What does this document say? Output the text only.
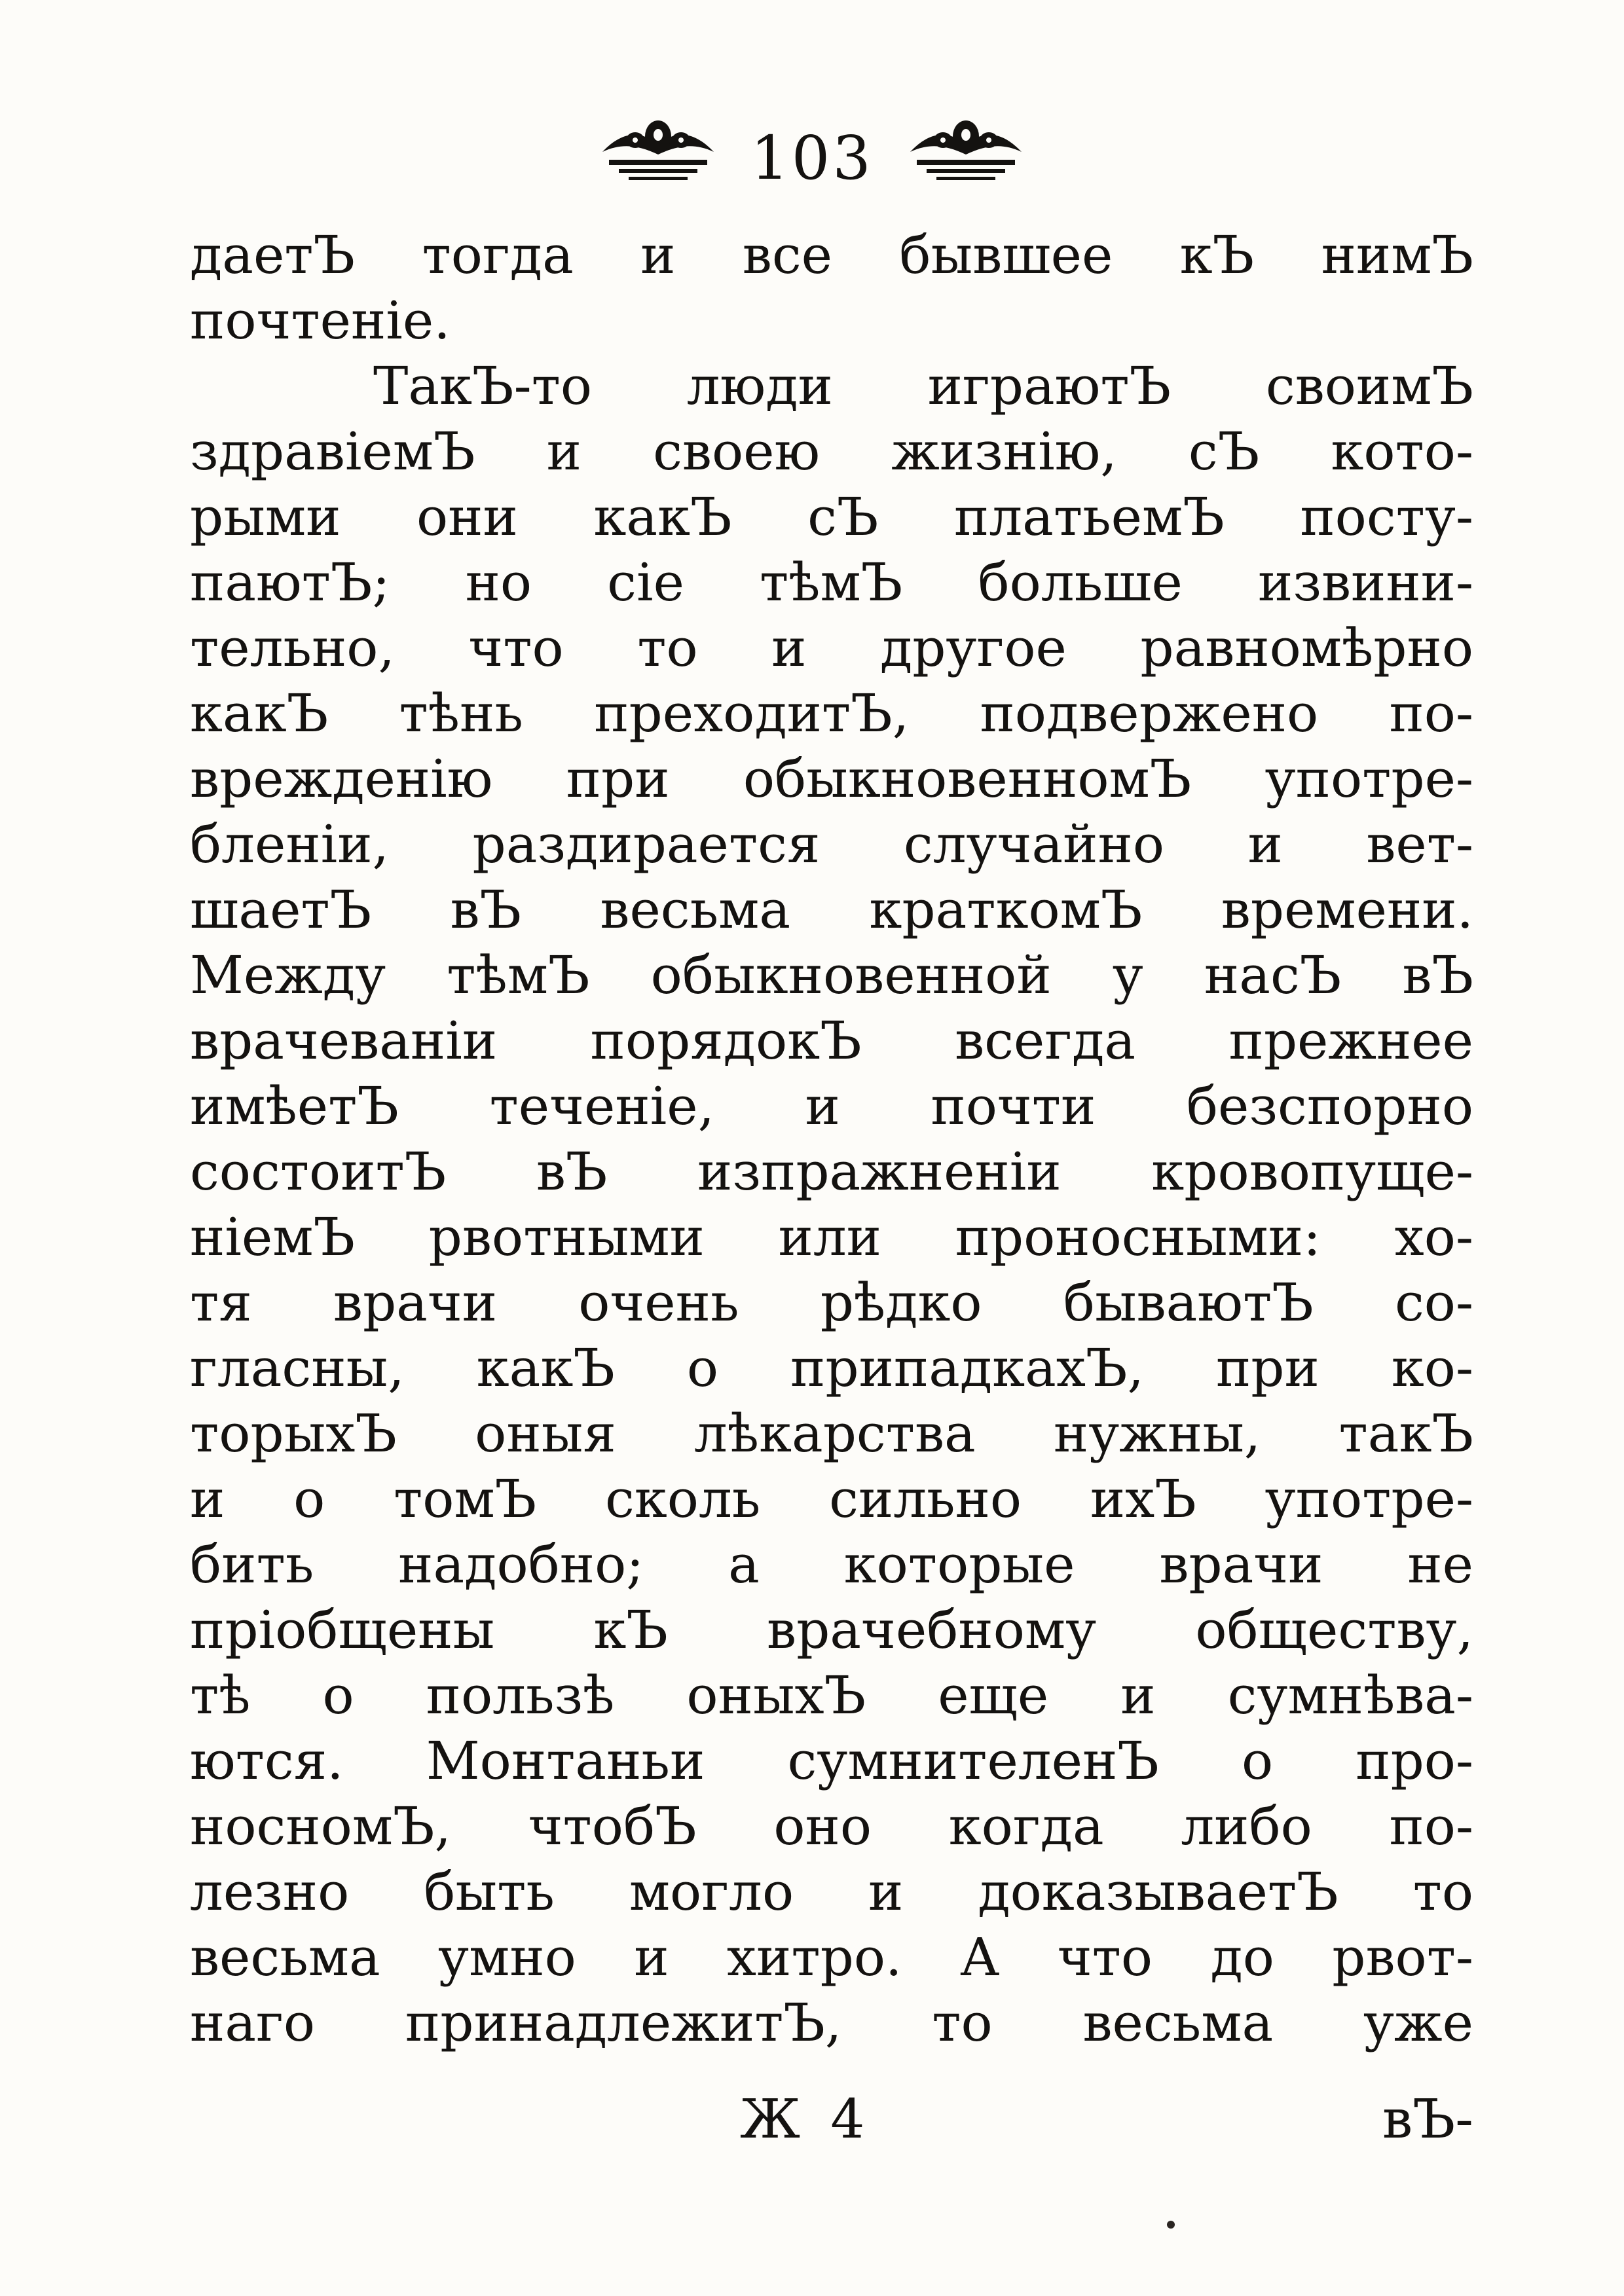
103
даетЪ тогда и все бывшее кЪ нимЪ
почтенiе.
ТакЪ-то люди играютЪ своимЪ
здравiемЪ и своею жизнiю, сЪ кото-
рыми они какЪ сЪ платьемЪ посту-
паютЪ; но сiе тѣмЪ больше извини-
тельно, что то и другое равномѣрно
какЪ тѣнь преходитЪ, подвержено по-
врежденiю при обыкновенномЪ употре-
бленiи, раздирается случайно и вет-
шаетЪ вЪ весьма краткомЪ времени.
Между тѣмЪ обыкновенной у насЪ вЪ
врачеванiи порядокЪ всегда прежнее
имѣетЪ теченiе, и почти безспорно
состоитЪ вЪ изпражненiи кровопуще-
нiемЪ рвотными или проносными: хо-
тя врачи очень рѣдко бываютЪ со-
гласны, какЪ о припадкахЪ, при ко-
торыхЪ оныя лѣкарства нужны, такЪ
и о томЪ сколь сильно ихЪ употре-
бить надобно; а которые врачи не
прiобщены кЪ врачебному обществу,
тѣ о пользѣ оныхЪ еще и сумнѣва-
ются. Монтаньи сумнителенЪ о про-
носномЪ, чтобЪ оно когда либо по-
лезно быть могло и доказываетЪ то
весьма умно и хитро. А что до рвот-
наго принадлежитЪ, то весьма уже
Ж 4	вЪ-
